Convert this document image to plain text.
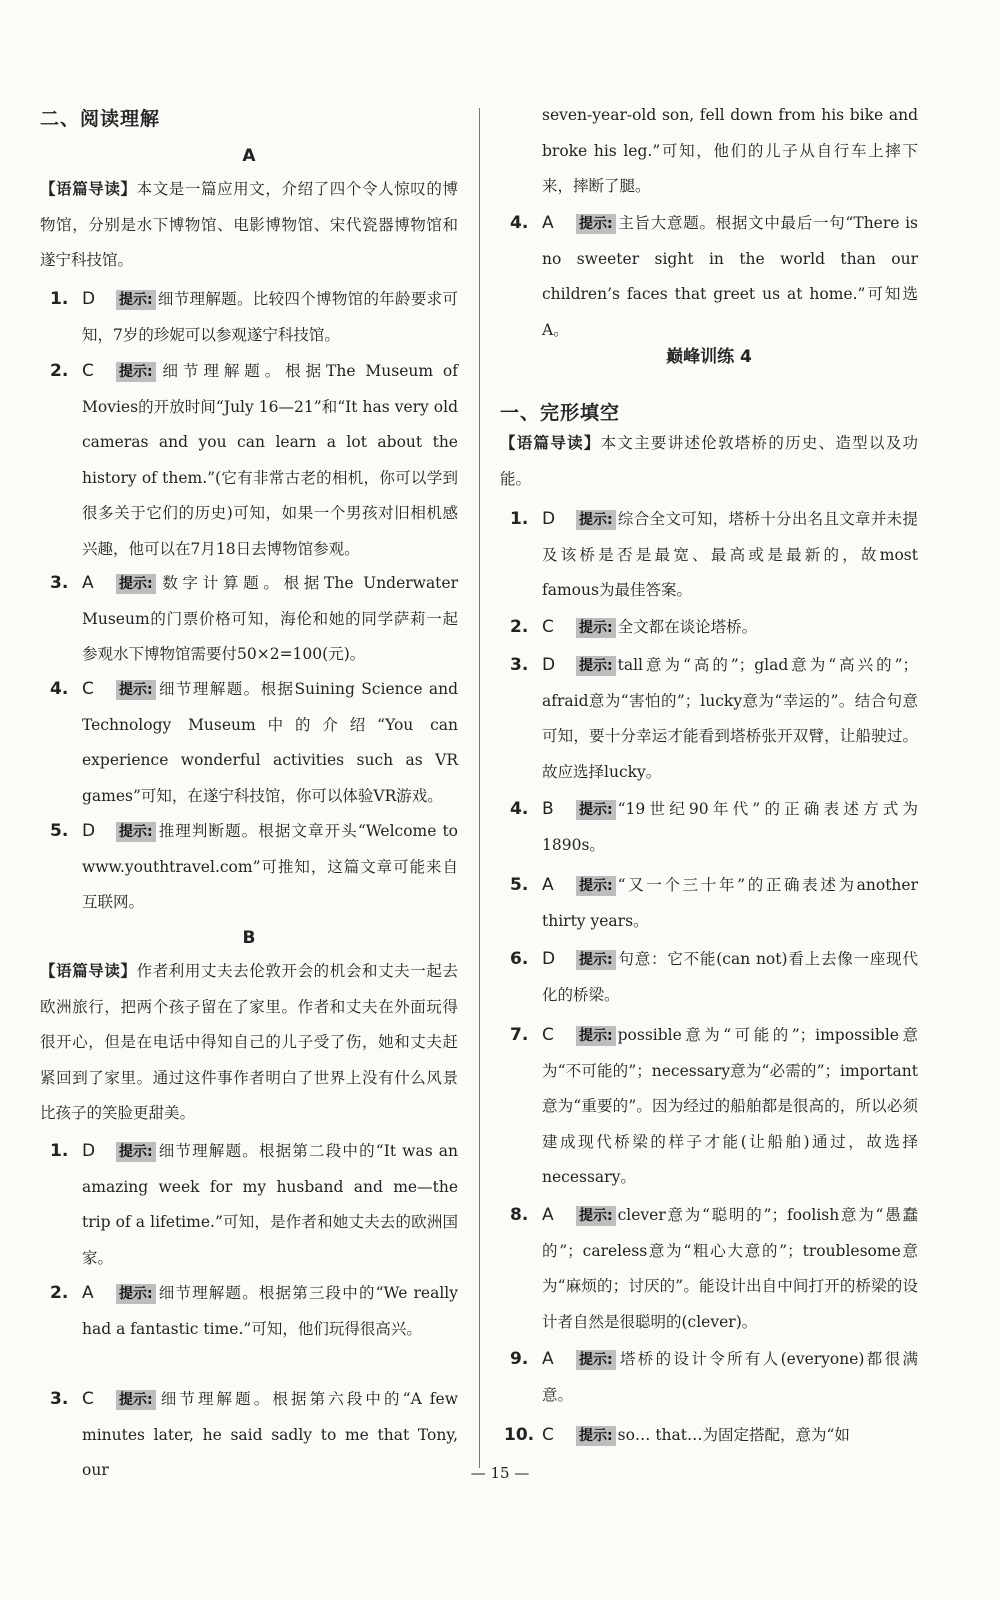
二、阅读理解
A
【语篇导读】本文是一篇应用文，介绍了四个令人惊叹的博物馆，分别是水下博物馆、电影博物馆、宋代瓷器博物馆和遂宁科技馆。
1. D	提示: 细节理解题。比较四个博物馆的年龄要求可知，7岁的珍妮可以参观遂宁科技馆。
2. C	提示: 细节理解题。根据The Museum of Movies的开放时间“July 16—21”和“It has very old cameras and you can learn a lot about the history of them.”(它有非常古老的相机，你可以学到很多关于它们的历史)可知，如果一个男孩对旧相机感兴趣，他可以在7月18日去博物馆参观。
3. A	提示: 数字计算题。根据The Underwater Museum的门票价格可知，海伦和她的同学萨莉一起参观水下博物馆需要付50×2=100(元)。
4. C	提示: 细节理解题。根据Suining Science and Technology Museum中的介绍“You can experience wonderful activities such as VR games”可知，在遂宁科技馆，你可以体验VR游戏。
5. D	提示: 推理判断题。根据文章开头“Welcome to www.youthtravel.com”可推知，这篇文章可能来自互联网。
B
【语篇导读】作者利用丈夫去伦敦开会的机会和丈夫一起去欧洲旅行，把两个孩子留在了家里。作者和丈夫在外面玩得很开心，但是在电话中得知自己的儿子受了伤，她和丈夫赶紧回到了家里。通过这件事作者明白了世界上没有什么风景比孩子的笑脸更甜美。
1. D	提示: 细节理解题。根据第二段中的“It was an amazing week for my husband and me—the trip of a lifetime.”可知，是作者和她丈夫去的欧洲国家。
2. A	提示: 细节理解题。根据第三段中的“We really had a fantastic time.”可知，他们玩得很高兴。
3. C	提示: 细节理解题。根据第六段中的“A few minutes later, he said sadly to me that Tony, our
seven-year-old son, fell down from his bike and broke his leg.”可知，他们的儿子从自行车上摔下来，摔断了腿。
4. A	提示: 主旨大意题。根据文中最后一句“There is no sweeter sight in the world than our children’s faces that greet us at home.”可知选A。
巅峰训练 4
一、完形填空
【语篇导读】本文主要讲述伦敦塔桥的历史、造型以及功能。
1. D	提示: 综合全文可知，塔桥十分出名且文章并未提及该桥是否是最宽、最高或是最新的，故most famous为最佳答案。
2. C	提示: 全文都在谈论塔桥。
3. D	提示: tall意为“高的”；glad意为“高兴的”；afraid意为“害怕的”；lucky意为“幸运的”。结合句意可知，要十分幸运才能看到塔桥张开双臂，让船驶过。故应选择lucky。
4. B	提示: “19世纪90年代”的正确表述方式为1890s。
5. A	提示: “又一个三十年”的正确表述为another thirty years。
6. D	提示: 句意：它不能(can not)看上去像一座现代化的桥梁。
7. C	提示: possible意为“可能的”；impossible意为“不可能的”；necessary意为“必需的”；important意为“重要的”。因为经过的船舶都是很高的，所以必须建成现代桥梁的样子才能(让船舶)通过，故选择necessary。
8. A	提示: clever意为“聪明的”；foolish意为“愚蠢的”；careless意为“粗心大意的”；troublesome意为“麻烦的；讨厌的”。能设计出自中间打开的桥梁的设计者自然是很聪明的(clever)。
9. A	提示: 塔桥的设计令所有人(everyone)都很满意。
10. C	提示: so… that…为固定搭配，意为“如
— 15 —
